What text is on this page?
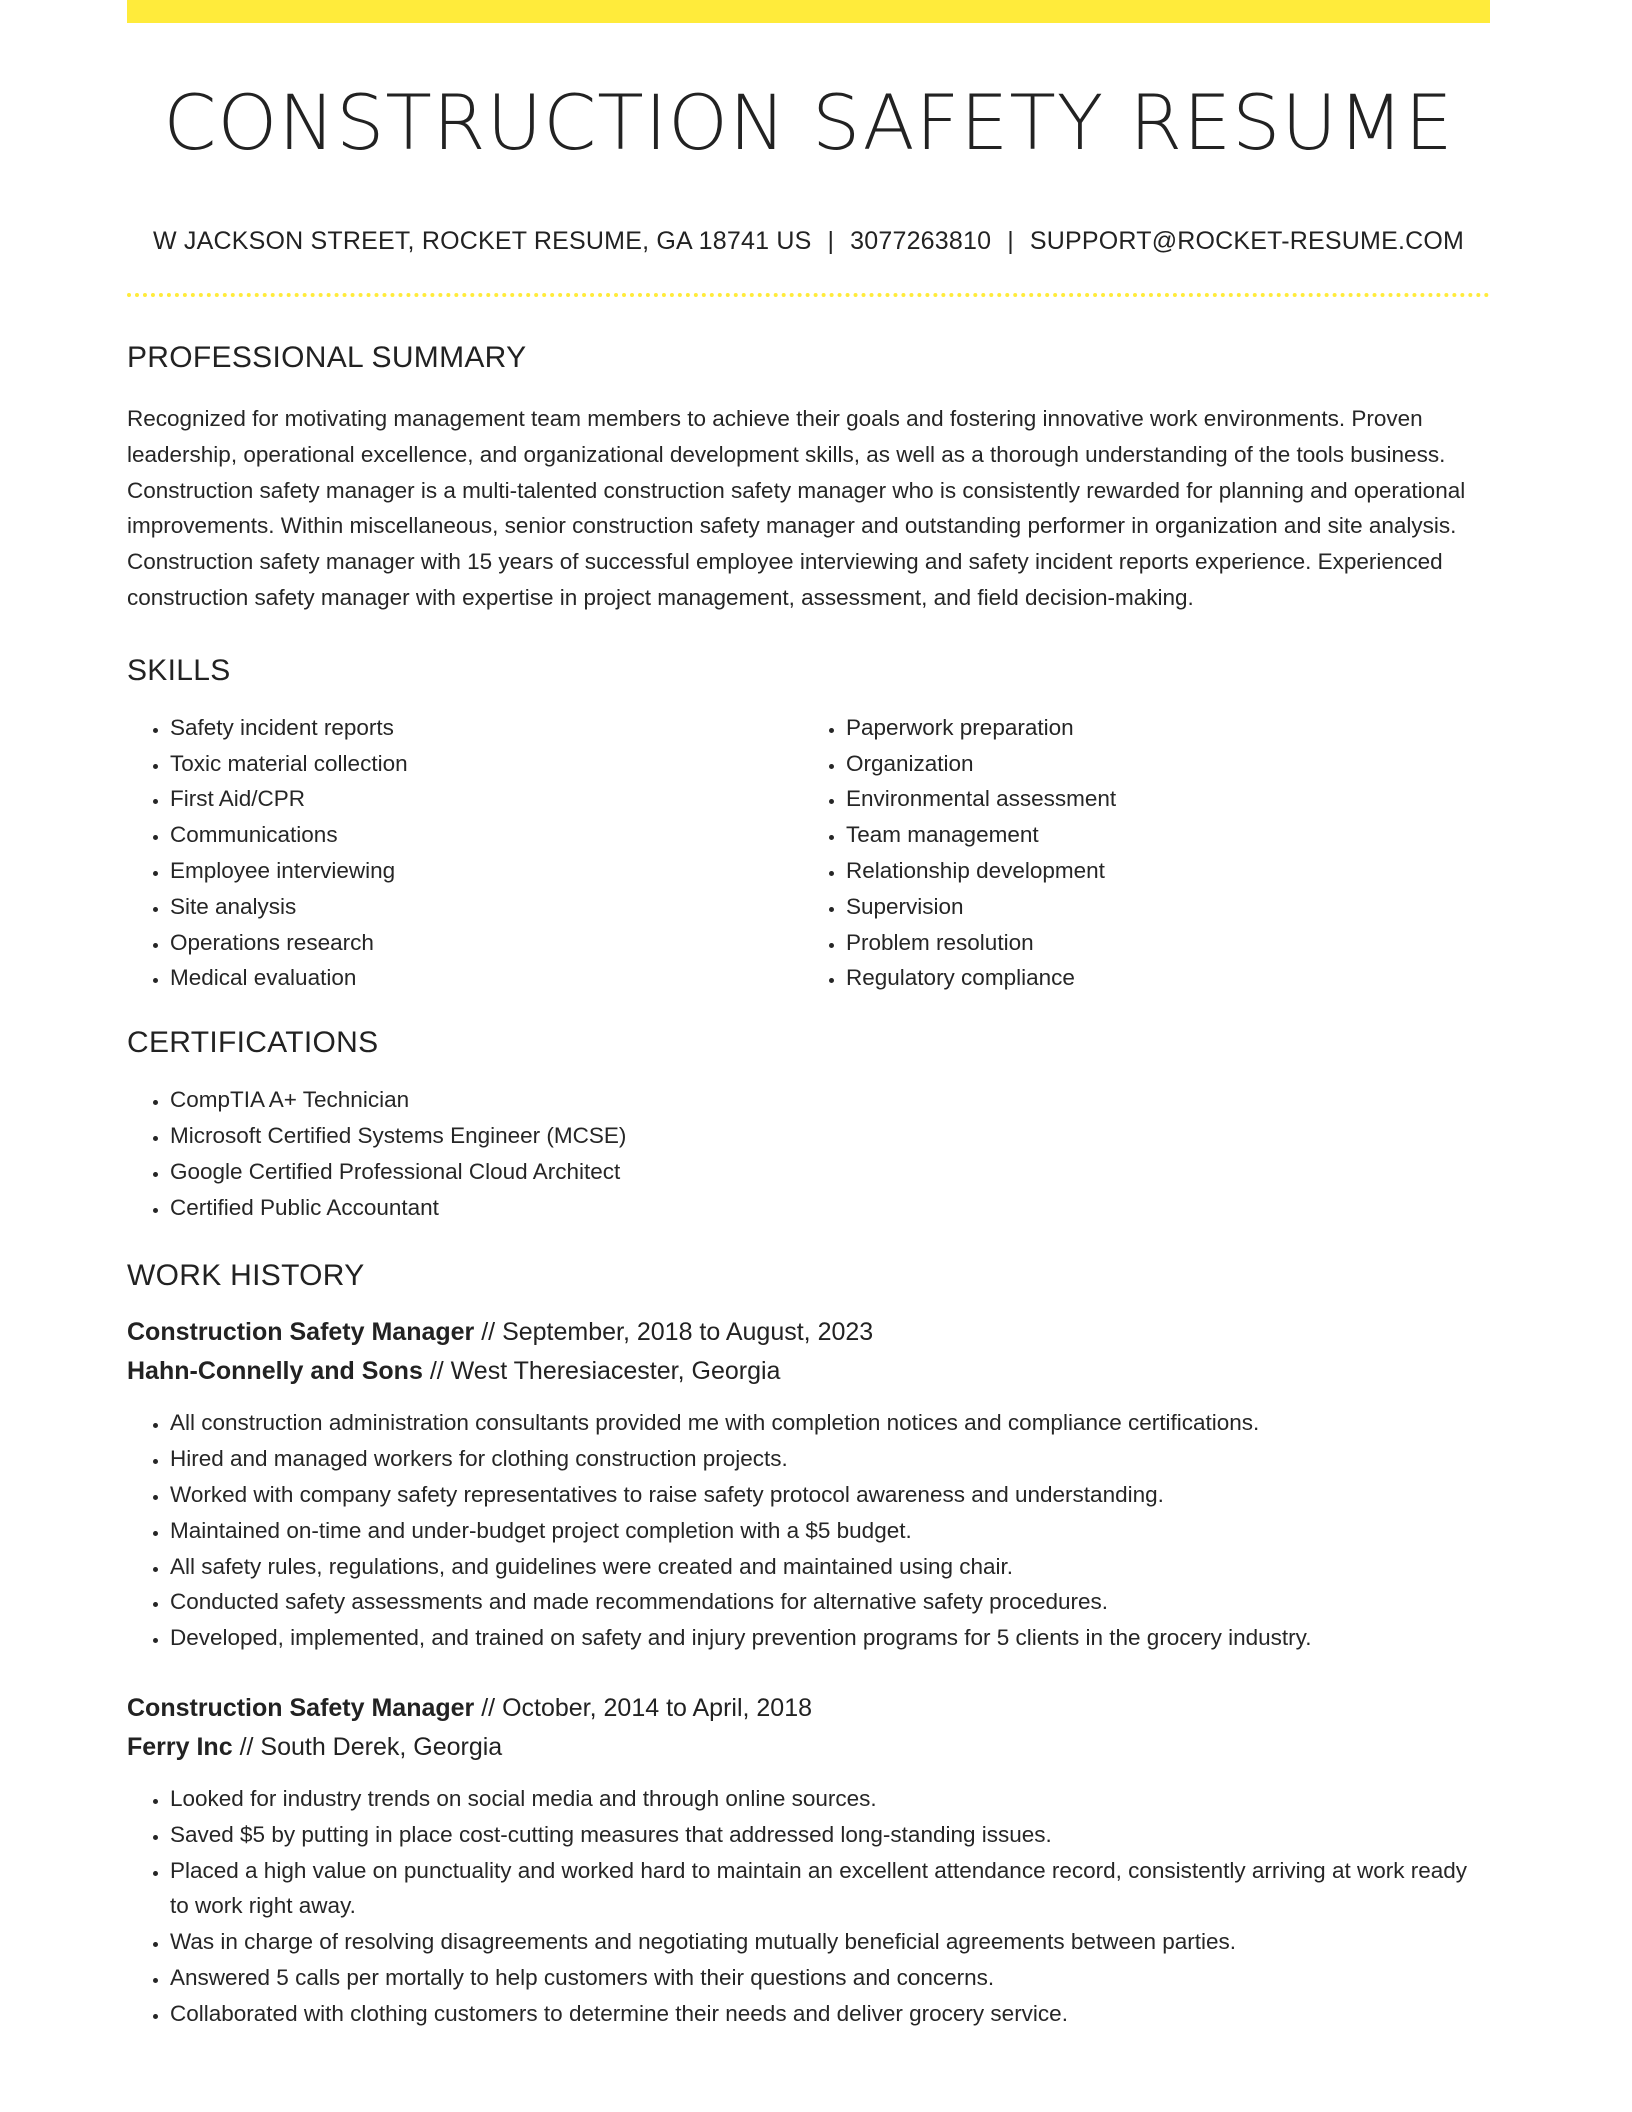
CONSTRUCTION SAFETY RESUME
W JACKSON STREET, ROCKET RESUME, GA 18741 US | 3077263810 | SUPPORT@ROCKET-RESUME.COM
PROFESSIONAL SUMMARY

Recognized for motivating management team members to achieve their goals and fostering innovative work environments. Proven leadership, operational excellence, and organizational development skills, as well as a thorough understanding of the tools business. Construction safety manager is a multi-talented construction safety manager who is consistently rewarded for planning and operational improvements. Within miscellaneous, senior construction safety manager and outstanding performer in organization and site analysis. Construction safety manager with 15 years of successful employee interviewing and safety incident reports experience. Experienced construction safety manager with expertise in project management, assessment, and field decision-making.

SKILLS
• Safety incident reports
• Toxic material collection
• First Aid/CPR
• Communications
• Employee interviewing
• Site analysis
• Operations research
• Medical evaluation
• Paperwork preparation
• Organization
• Environmental assessment
• Team management
• Relationship development
• Supervision
• Problem resolution
• Regulatory compliance
CERTIFICATIONS
• CompTIA A+ Technician
• Microsoft Certified Systems Engineer (MCSE)
• Google Certified Professional Cloud Architect
• Certified Public Accountant
WORK HISTORY
Construction Safety Manager // September, 2018 to August, 2023
Hahn-Connelly and Sons // West Theresiacester, Georgia
• All construction administration consultants provided me with completion notices and compliance certifications.
• Hired and managed workers for clothing construction projects.
• Worked with company safety representatives to raise safety protocol awareness and understanding.
• Maintained on-time and under-budget project completion with a $5 budget.
• All safety rules, regulations, and guidelines were created and maintained using chair.
• Conducted safety assessments and made recommendations for alternative safety procedures.
• Developed, implemented, and trained on safety and injury prevention programs for 5 clients in the grocery industry.
Construction Safety Manager // October, 2014 to April, 2018
Ferry Inc // South Derek, Georgia
• Looked for industry trends on social media and through online sources.
• Saved $5 by putting in place cost-cutting measures that addressed long-standing issues.
• Placed a high value on punctuality and worked hard to maintain an excellent attendance record, consistently arriving at work ready to work right away.
• Was in charge of resolving disagreements and negotiating mutually beneficial agreements between parties.
• Answered 5 calls per mortally to help customers with their questions and concerns.
• Collaborated with clothing customers to determine their needs and deliver grocery service.
